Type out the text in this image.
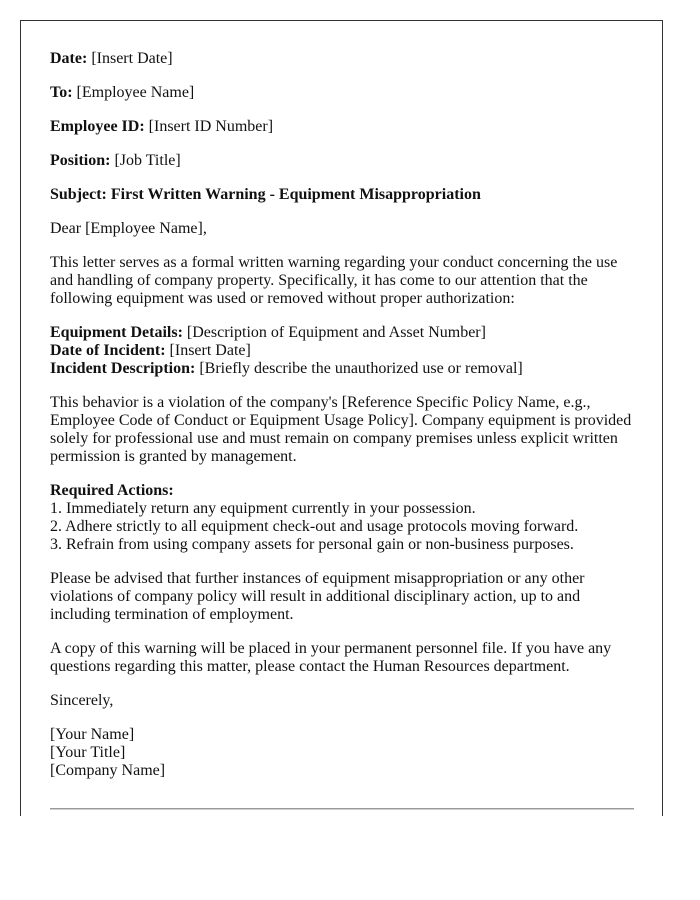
Date: [Insert Date]

To: [Employee Name]

Employee ID: [Insert ID Number]

Position: [Job Title]

Subject: First Written Warning - Equipment Misappropriation

Dear [Employee Name],

This letter serves as a formal written warning regarding your conduct concerning the use and handling of company property. Specifically, it has come to our attention that the following equipment was used or removed without proper authorization:

Equipment Details: [Description of Equipment and Asset Number]
Date of Incident: [Insert Date]
Incident Description: [Briefly describe the unauthorized use or removal]

This behavior is a violation of the company's [Reference Specific Policy Name, e.g., Employee Code of Conduct or Equipment Usage Policy]. Company equipment is provided solely for professional use and must remain on company premises unless explicit written permission is granted by management.

Required Actions:
1. Immediately return any equipment currently in your possession.
2. Adhere strictly to all equipment check-out and usage protocols moving forward.
3. Refrain from using company assets for personal gain or non-business purposes.

Please be advised that further instances of equipment misappropriation or any other violations of company policy will result in additional disciplinary action, up to and including termination of employment.

A copy of this warning will be placed in your permanent personnel file. If you have any questions regarding this matter, please contact the Human Resources department.

Sincerely,

[Your Name]
[Your Title]
[Company Name]
